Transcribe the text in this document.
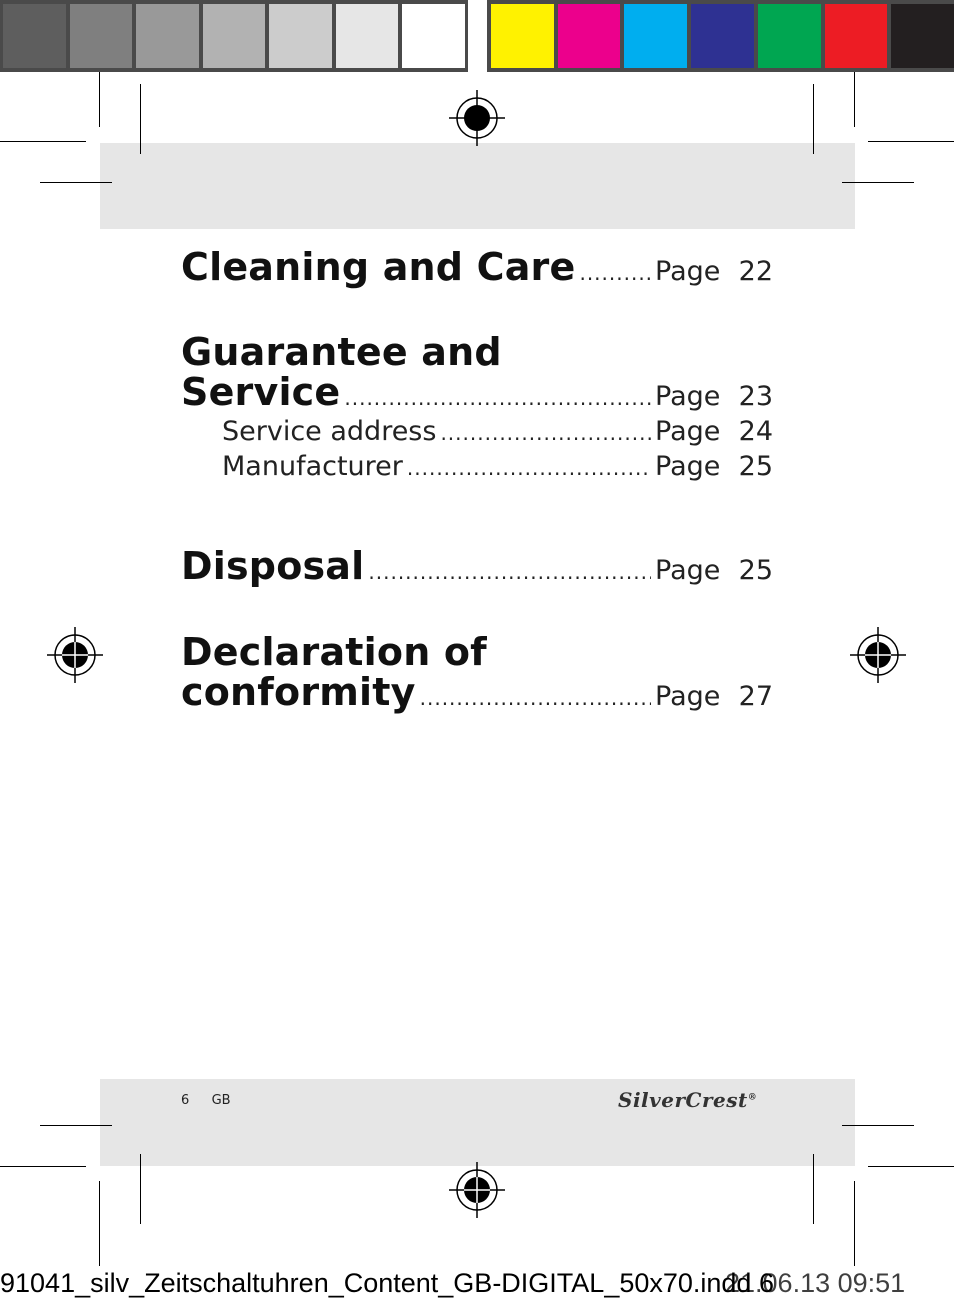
Cleaning and Care .....	Page 22
Guarantee and
Service .....	Page 23
Service address .....	Page 24
Manufacturer .....	Page 25
Disposal .....	Page 25
Declaration of
conformity .....	Page 27
6 GB	SilverCrest®
91041_silv_Zeitschaltuhren_Content_GB-DIGITAL_50x70.indd 6
21.06.13 09:51
